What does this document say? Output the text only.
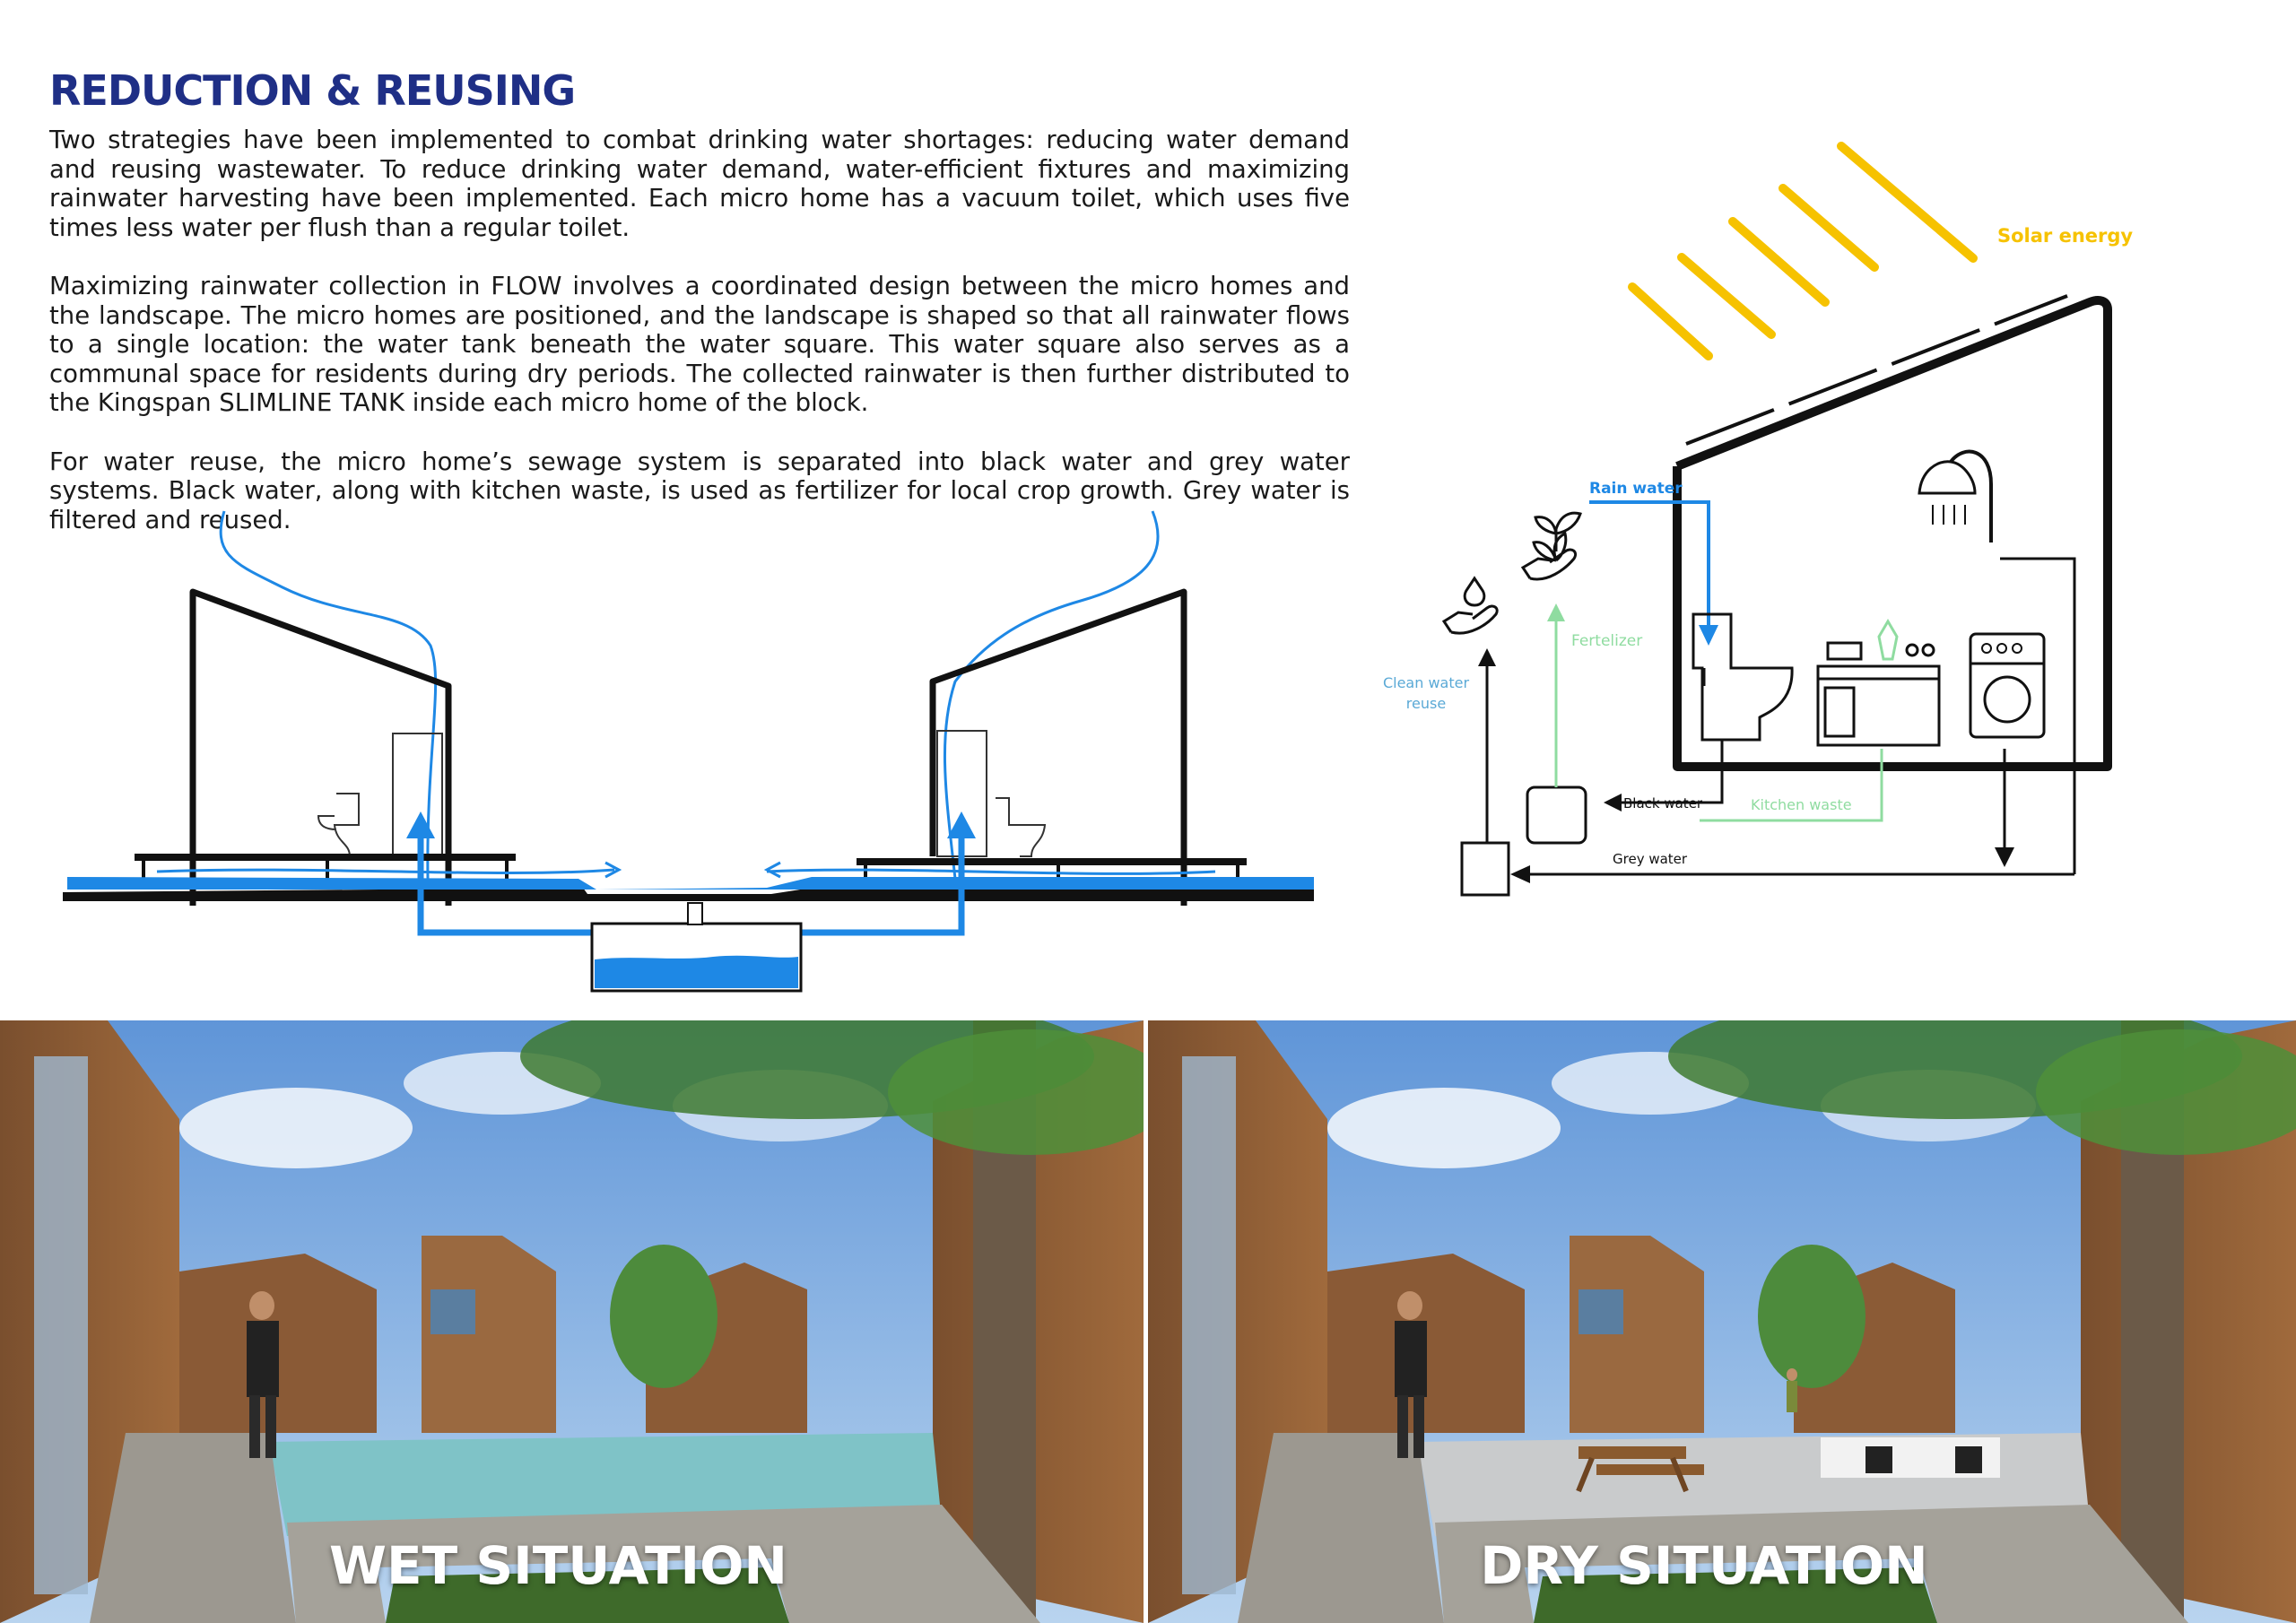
REDUCTION & REUSING

Two strategies have been implemented to combat drinking water shortages: reducing water demand and reusing wastewater. To reduce drinking water demand, water-efficient fixtures and maximizing rainwater harvesting have been implemented. Each micro home has a vacuum toilet, which uses five times less water per flush than a regular toilet.

Maximizing rainwater collection in FLOW involves a coordinated design between the micro homes and the landscape. The micro homes are positioned, and the landscape is shaped so that all rainwater flows to a single location: the water tank beneath the water square. This water square also serves as a communal space for residents during dry periods. The collected rainwater is then further distributed to the Kingspan SLIMLINE TANK inside each micro home of the block.

For water reuse, the micro home’s sewage system is separated into black water and grey water systems. Black water, along with kitchen waste, is used as fertilizer for local crop growth. Grey water is filtered and reused.

Solar energy
Rain water
Black water	Kitchen waste
Fertelizer
Grey water
Clean water
reuse
WET SITUATION	DRY SITUATION
